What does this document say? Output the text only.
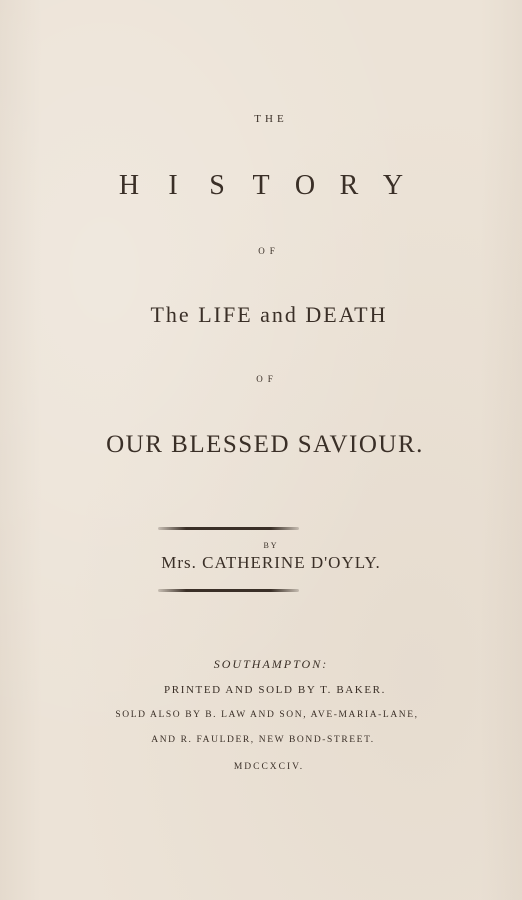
THE
H I S T O R Y
OF
The LIFE and DEATH
OF
OUR BLESSED SAVIOUR.
BY
Mrs. CATHERINE D'OYLY.
SOUTHAMPTON:
PRINTED AND SOLD BY T. BAKER.
SOLD ALSO BY B. LAW AND SON, AVE-MARIA-LANE,
AND R. FAULDER, NEW BOND-STREET.
MDCCXCIV.
